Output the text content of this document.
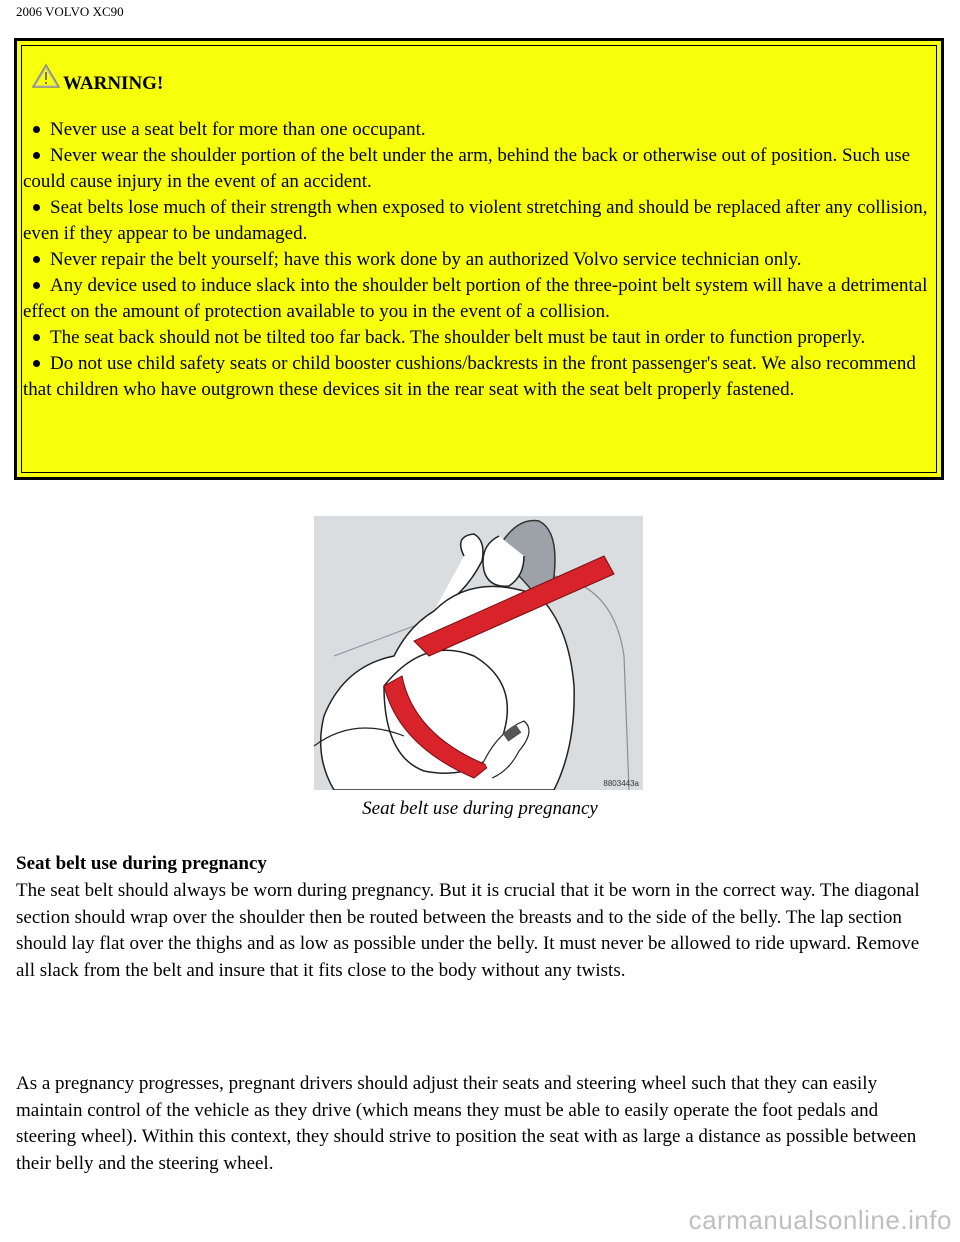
2006 VOLVO XC90
WARNING!
Never use a seat belt for more than one occupant.
Never wear the shoulder portion of the belt under the arm, behind the back or otherwise out of position. Such use could cause injury in the event of an accident.
Seat belts lose much of their strength when exposed to violent stretching and should be replaced after any collision, even if they appear to be undamaged.
Never repair the belt yourself; have this work done by an authorized Volvo service technician only.
Any device used to induce slack into the shoulder belt portion of the three-point belt system will have a detrimental effect on the amount of protection available to you in the event of a collision.
The seat back should not be tilted too far back. The shoulder belt must be taut in order to function properly.
Do not use child safety seats or child booster cushions/backrests in the front passenger's seat. We also recommend that children who have outgrown these devices sit in the rear seat with the seat belt properly fastened.
8803443a
Seat belt use during pregnancy
Seat belt use during pregnancy

The seat belt should always be worn during pregnancy. But it is crucial that it be worn in the correct way. The diagonal section should wrap over the shoulder then be routed between the breasts and to the side of the belly. The lap section should lay flat over the thighs and as low as possible under the belly. It must never be allowed to ride upward. Remove all slack from the belt and insure that it fits close to the body without any twists.

As a pregnancy progresses, pregnant drivers should adjust their seats and steering wheel such that they can easily maintain control of the vehicle as they drive (which means they must be able to easily operate the foot pedals and steering wheel). Within this context, they should strive to position the seat with as large a distance as possible between their belly and the steering wheel.

carmanualsonline.info
